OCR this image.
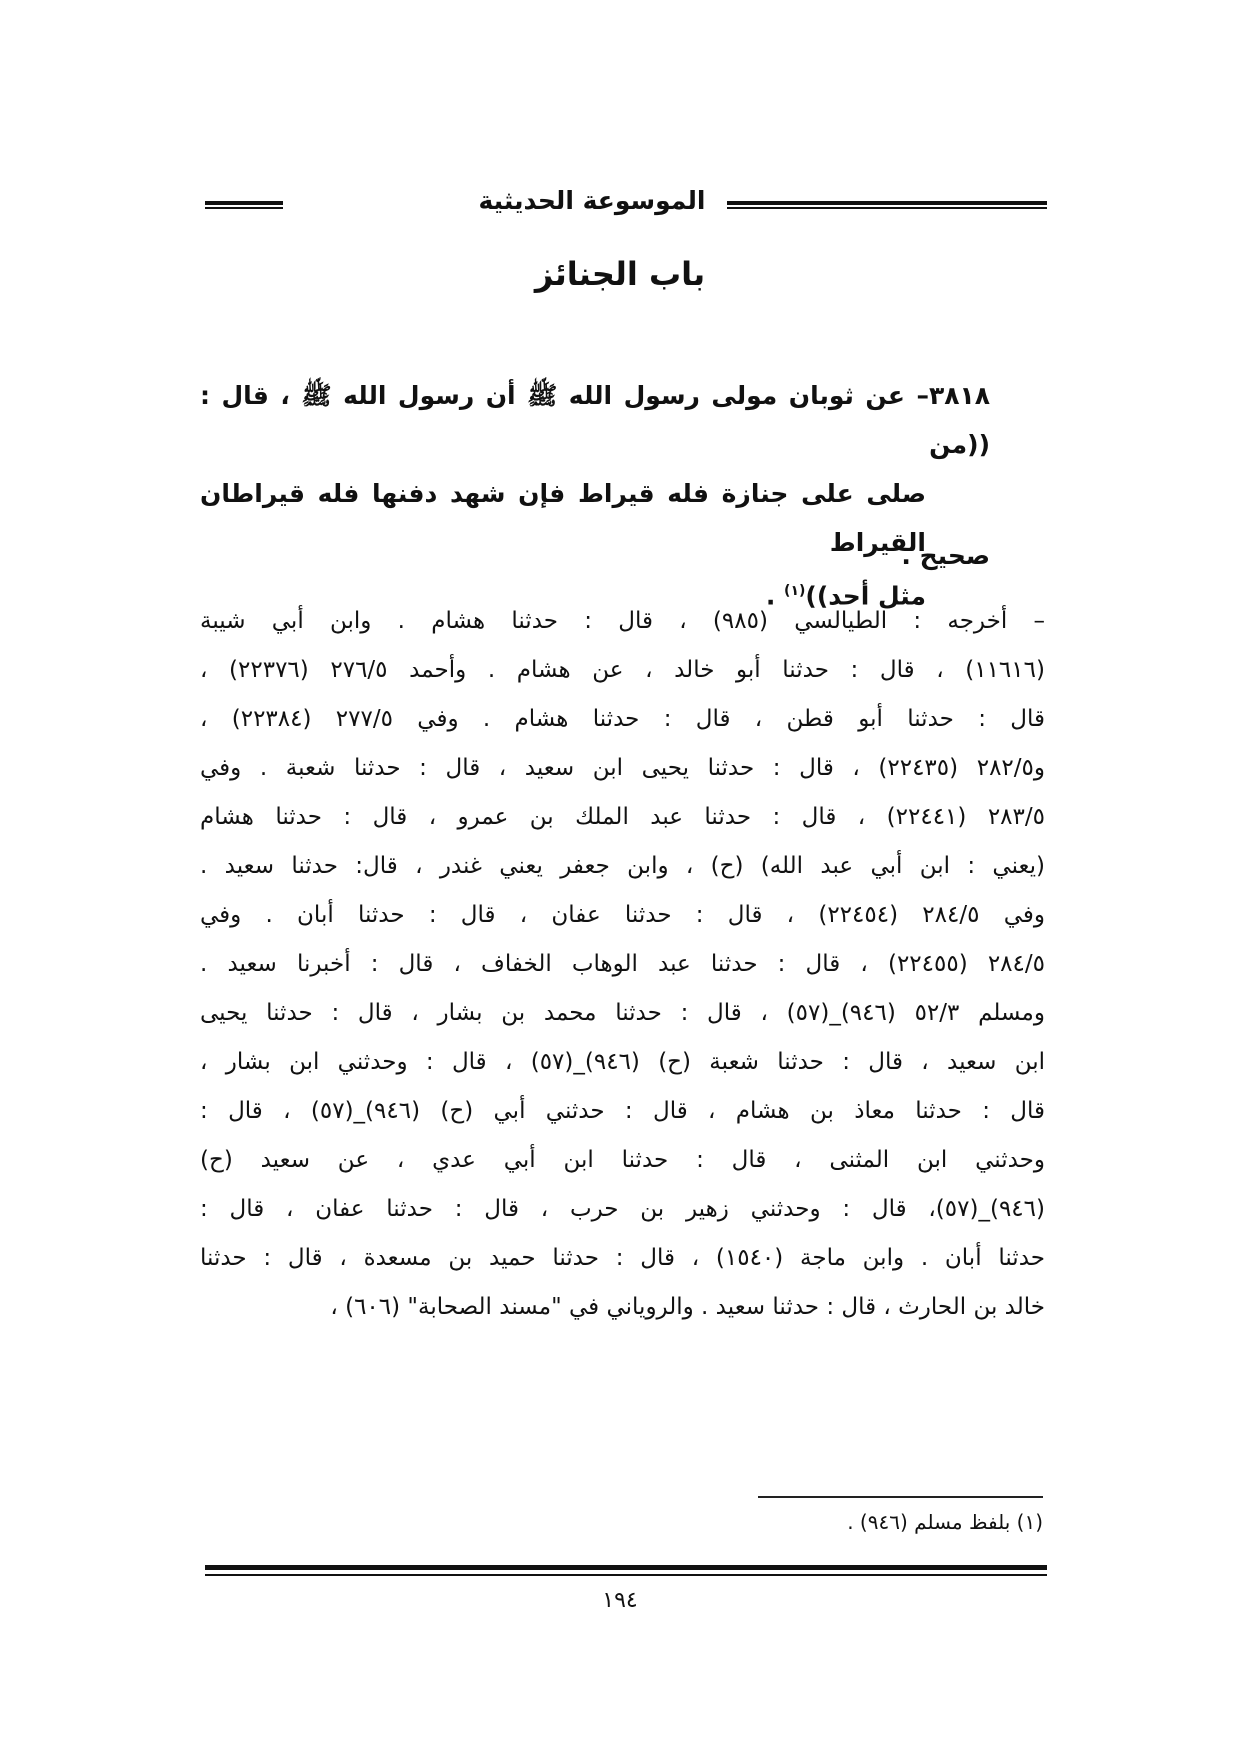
الموسوعة الحديثية
باب الجنائز
٣٨١٨– عن ثوبان مولى رسول الله ﷺ أن رسول الله ﷺ ، قال : ((من
صلى على جنازة فله قيراط فإن شهد دفنها فله قيراطان القيراط
مثل أحد))$^{(١)}$ .
صحيح .
– أخرجه : الطيالسي (٩٨٥) ، قال : حدثنا هشام . وابن أبي شيبة
(١١٦١٦) ، قال : حدثنا أبو خالد ، عن هشام . وأحمد ٢٧٦/٥ (٢٢٣٧٦) ،
قال : حدثنا أبو قطن ، قال : حدثنا هشام . وفي ٢٧٧/٥ (٢٢٣٨٤) ،
و٢٨٢/٥ (٢٢٤٣٥) ، قال : حدثنا يحيى ابن سعيد ، قال : حدثنا شعبة . وفي
٢٨٣/٥ (٢٢٤٤١) ، قال : حدثنا عبد الملك بن عمرو ، قال : حدثنا هشام
(يعني : ابن أبي عبد الله) (ح) ، وابن جعفر يعني غندر ، قال: حدثنا سعيد .
وفي ٢٨٤/٥ (٢٢٤٥٤) ، قال : حدثنا عفان ، قال : حدثنا أبان . وفي
٢٨٤/٥ (٢٢٤٥٥) ، قال : حدثنا عبد الوهاب الخفاف ، قال : أخبرنا سعيد .
ومسلم ٥٢/٣ (٩٤٦)_(٥٧) ، قال : حدثنا محمد بن بشار ، قال : حدثنا يحيى
ابن سعيد ، قال : حدثنا شعبة (ح) (٩٤٦)_(٥٧) ، قال : وحدثني ابن بشار ،
قال : حدثنا معاذ بن هشام ، قال : حدثني أبي (ح) (٩٤٦)_(٥٧) ، قال :
وحدثني ابن المثنى ، قال : حدثنا ابن أبي عدي ، عن سعيد (ح)
(٩٤٦)_(٥٧)، قال : وحدثني زهير بن حرب ، قال : حدثنا عفان ، قال :
حدثنا أبان . وابن ماجة (١٥٤٠) ، قال : حدثنا حميد بن مسعدة ، قال : حدثنا
خالد بن الحارث ، قال : حدثنا سعيد . والروياني في "مسند الصحابة" (٦٠٦) ،
(١) بلفظ مسلم (٩٤٦) .
١٩٤
